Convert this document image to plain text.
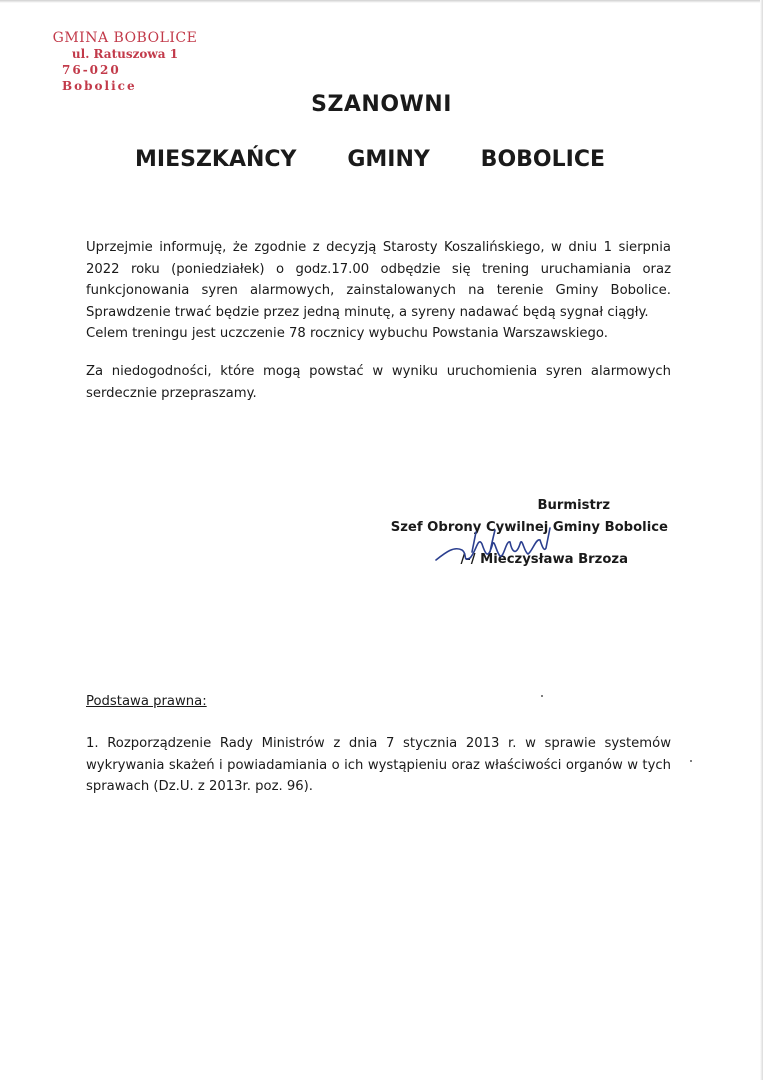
GMINA BOBOLICE
ul. Ratuszowa 1
76-020 Bobolice
SZANOWNI
MIESZKAŃCY GMINY BOBOLICE
Uprzejmie informuję, że zgodnie z decyzją Starosty Koszalińskiego, w dniu 1 sierpnia
2022 roku (poniedziałek) o godz.17.00 odbędzie się trening uruchamiania oraz
funkcjonowania syren alarmowych, zainstalowanych na terenie Gminy Bobolice.
Sprawdzenie trwać będzie przez jedną minutę, a syreny nadawać będą sygnał ciągły.
Celem treningu jest uczczenie 78 rocznicy wybuchu Powstania Warszawskiego.
Za niedogodności, które mogą powstać w wyniku uruchomienia syren alarmowych serdecznie przepraszamy.
Burmistrz
Szef Obrony Cywilnej Gminy Bobolice
/-/ Mieczysława Brzoza
Podstawa prawna:
1. Rozporządzenie Rady Ministrów z dnia 7 stycznia 2013 r. w sprawie systemów wykrywania skażeń i powiadamiania o ich wystąpieniu oraz właściwości organów w tych sprawach (Dz.U. z 2013r. poz. 96).
